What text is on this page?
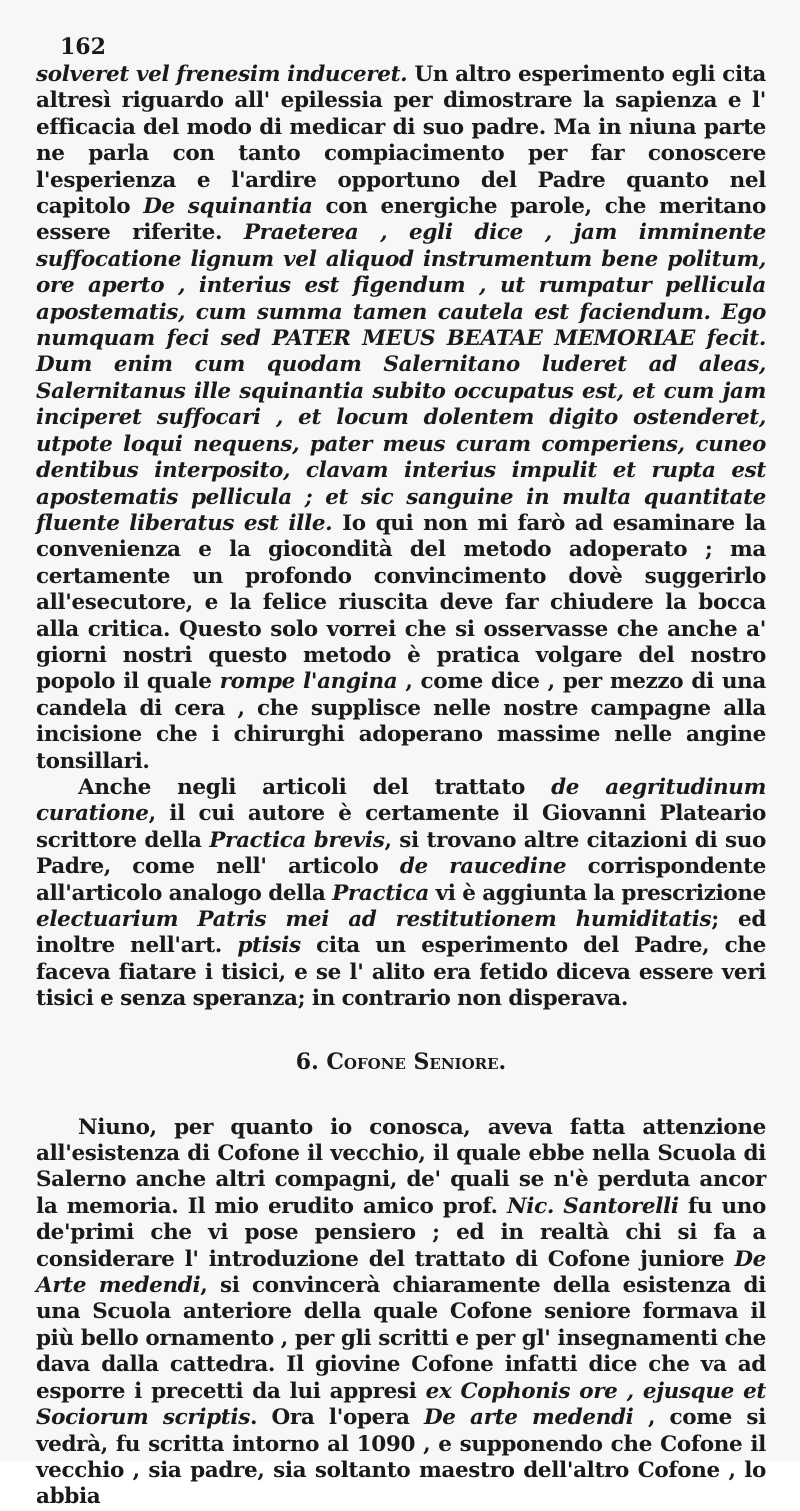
162

solveret vel frenesim induceret. Un altro esperimento egli cita altresì riguardo all' epilessia per dimostrare la sapienza e l' efficacia del modo di medicar di suo padre. Ma in niuna parte ne parla con tanto compiacimento per far conoscere l'esperienza e l'ardire opportuno del Padre quanto nel capitolo De squinantia con energiche parole, che meritano essere riferite. Praeterea , egli dice , jam imminente suffocatione lignum vel aliquod instrumentum bene politum, ore aperto , interius est figendum , ut rumpatur pellicula apostematis, cum summa tamen cautela est faciendum. Ego numquam feci sed PATER MEUS BEATAE MEMORIAE fecit. Dum enim cum quodam Salernitano luderet ad aleas, Salernitanus ille squinantia subito occupatus est, et cum jam inciperet suffocari , et locum dolentem digito ostenderet, utpote loqui nequens, pater meus curam comperiens, cuneo dentibus interposito, clavam interius impulit et rupta est apostematis pellicula ; et sic sanguine in multa quantitate fluente liberatus est ille. Io qui non mi farò ad esaminare la convenienza e la giocondità del metodo adoperato ; ma certamente un profondo convincimento dovè suggerirlo all'esecutore, e la felice riuscita deve far chiudere la bocca alla critica. Questo solo vorrei che si osservasse che anche a' giorni nostri questo metodo è pratica volgare del nostro popolo il quale rompe l'angina , come dice , per mezzo di una candela di cera , che supplisce nelle nostre campagne alla incisione che i chirurghi adoperano massime nelle angine tonsillari.

Anche negli articoli del trattato de aegritudinum curatione, il cui autore è certamente il Giovanni Plateario scrittore della Practica brevis, si trovano altre citazioni di suo Padre, come nell' articolo de raucedine corrispondente all'articolo analogo della Practica vi è aggiunta la prescrizione electuarium Patris mei ad restitutionem humiditatis; ed inoltre nell'art. ptisis cita un esperimento del Padre, che faceva fiatare i tisici, e se l' alito era fetido diceva essere veri tisici e senza speranza; in contrario non disperava.

6. Cofone Seniore.

Niuno, per quanto io conosca, aveva fatta attenzione all'esistenza di Cofone il vecchio, il quale ebbe nella Scuola di Salerno anche altri compagni, de' quali se n'è perduta ancor la memoria. Il mio erudito amico prof. Nic. Santorelli fu uno de'primi che vi pose pensiero ; ed in realtà chi si fa a considerare l' introduzione del trattato di Cofone juniore De Arte medendi, si convincerà chiaramente della esistenza di una Scuola anteriore della quale Cofone seniore formava il più bello ornamento , per gli scritti e per gl' insegnamenti che dava dalla cattedra. Il giovine Cofone infatti dice che va ad esporre i precetti da lui appresi ex Cophonis ore , ejusque et Sociorum scriptis. Ora l'opera De arte medendi , come si vedrà, fu scritta intorno al 1090 , e supponendo che Cofone il vecchio , sia padre, sia soltanto maestro dell'altro Cofone , lo abbia
